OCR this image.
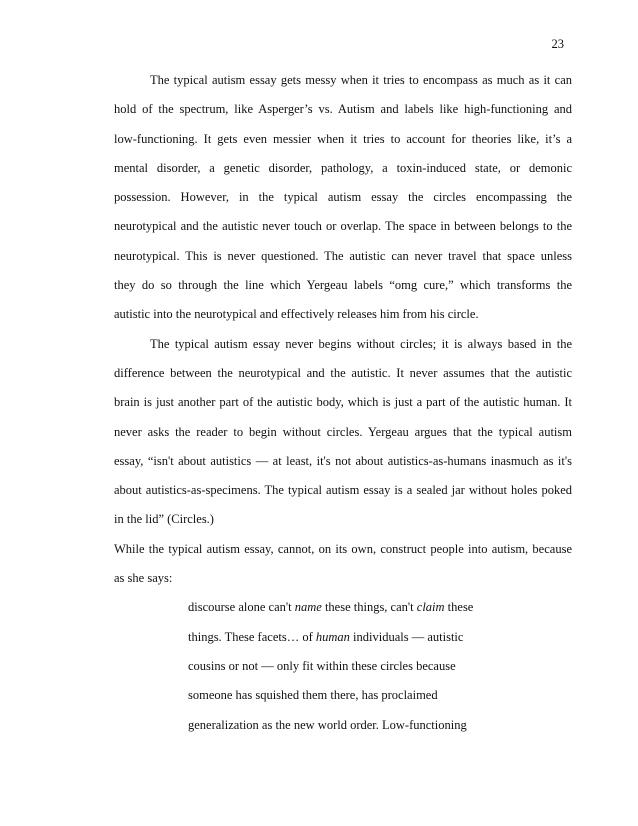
23
The typical autism essay gets messy when it tries to encompass as much as it can
hold of the spectrum, like Asperger’s vs. Autism and labels like high-functioning and
low-functioning. It gets even messier when it tries to account for theories like, it’s a
mental disorder, a genetic disorder, pathology, a toxin-induced state, or demonic
possession. However, in the typical autism essay the circles encompassing the
neurotypical and the autistic never touch or overlap. The space in between belongs to the
neurotypical. This is never questioned. The autistic can never travel that space unless
they do so through the line which Yergeau labels “omg cure,” which transforms the
autistic into the neurotypical and effectively releases him from his circle.
The typical autism essay never begins without circles; it is always based in the
difference between the neurotypical and the autistic. It never assumes that the autistic
brain is just another part of the autistic body, which is just a part of the autistic human. It
never asks the reader to begin without circles. Yergeau argues that the typical autism
essay, “isn't about autistics — at least, it's not about autistics-as-humans inasmuch as it's
about autistics-as-specimens. The typical autism essay is a sealed jar without holes poked
in the lid” (Circles.)
While the typical autism essay, cannot, on its own, construct people into autism, because
as she says:
discourse alone can't name these things, can't claim these
things. These facets… of human individuals — autistic
cousins or not — only fit within these circles because
someone has squished them there, has proclaimed
generalization as the new world order. Low-functioning
